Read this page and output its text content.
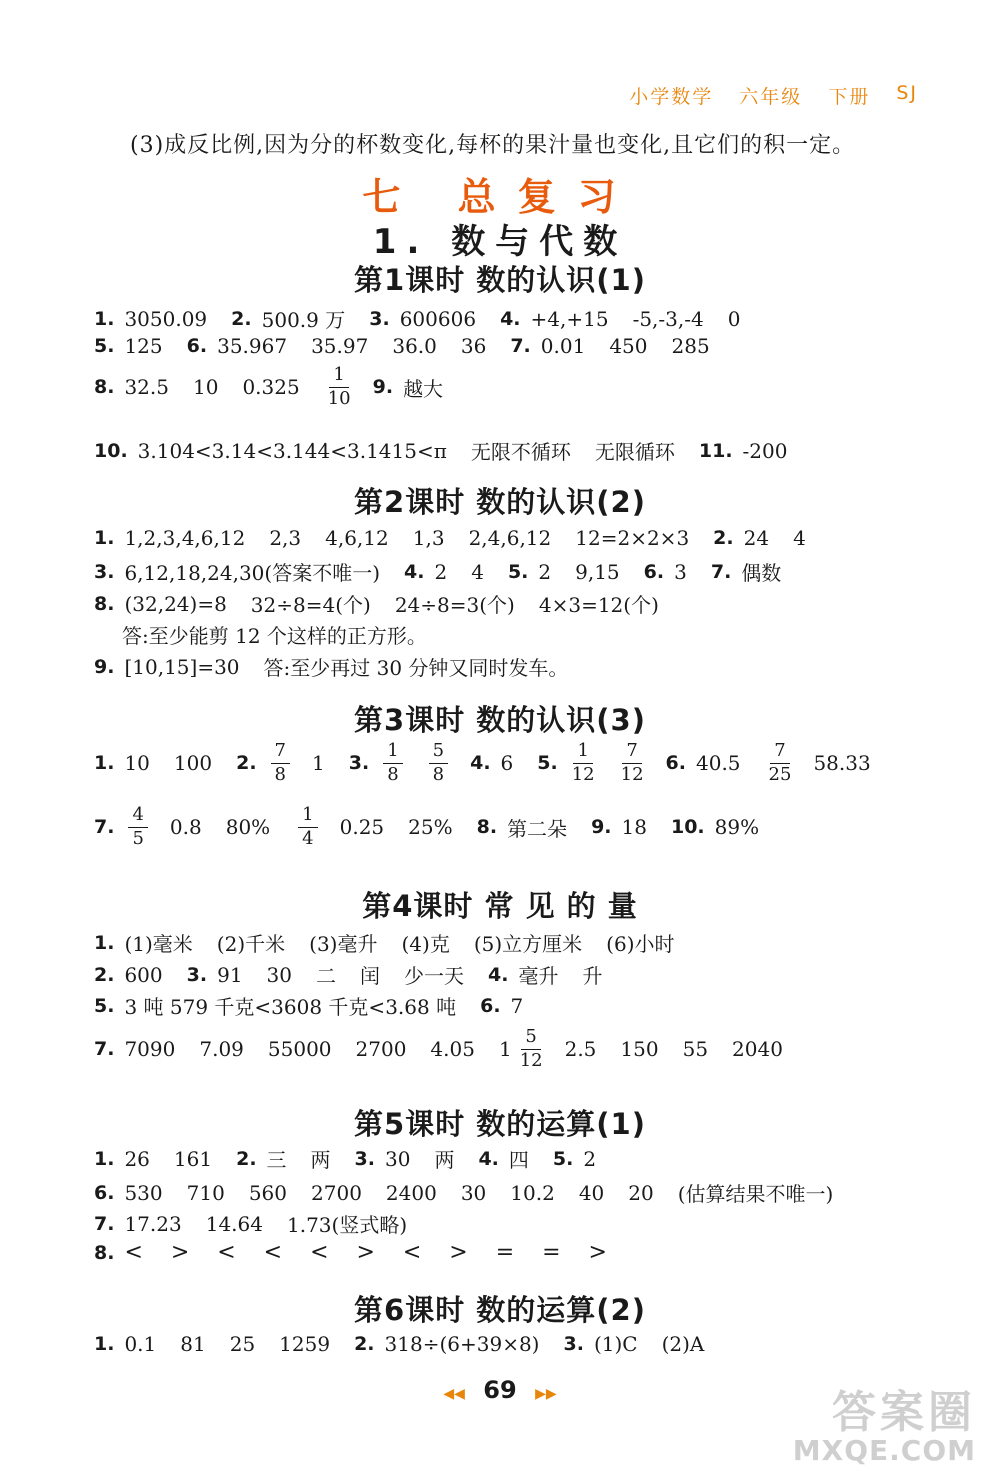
小学数学 六年级 下册 SJ
(3)成反比例,因为分的杯数变化,每杯的果汁量也变化,且它们的积一定。
七 总复习
1. 数与代数
第1课时 数的认识(1)
1. 3050.09 2. 500.9 万 3. 600606 4. +4,+15 -5,-3,-4 0
5. 125 6. 35.967 35.97 36.0 36 7. 0.01 450 285
8. 32.5 10 $0.325 \frac{1}{10} 9$. 越大
10. 3.104<3.14<3.14̇4̇<3.1415<π 无限不循环 无限循环 11. -200
第2课时 数的认识(2)
1. 1,2,3,4,6,12 2,3 4,6,12 1,3 2,4,6,12 12=2×2×3 2. 24 4
3. 6,12,18,24,30(答案不唯一) 4. 2 4 5. 2 9,15 6. 3 7. 偶数
8. (32,24)=8 32÷8=4(个) 24÷8=3(个) 4×3=12(个)
答:至少能剪 12 个这样的正方形。
9. [10,15]=30 答:至少再过 30 分钟又同时发车。
第3课时 数的认识(3)
1. 10 100 2. $\frac{7}{8} 1$ 3. $\frac{1}{8} \frac{5}{8} 4$. 6 5. $\frac{1}{12} \frac{7}{12} 6$. $40.5 \frac{7}{25} 58.33$
7. $\frac{4}{5} 0.8$ $80\% \frac{1}{4} 0.25$ 25% 8. 第二朵 9. 18 10. 89%
第4课时 常 见 的 量
1. (1)毫米 (2)千米 (3)毫升 (4)克 (5)立方厘米 (6)小时
2. 600 3. 91 30 二 闰 少一天 4. 毫升 升
5. 3 吨 579 千克<3608 千克<3.68 吨 6. 7
7. 7090 7.09 55000 2700 4.05 $1 \frac{5}{12} 2.5$ 150 55 2040
第5课时 数的运算(1)
1. 26 161 2. 三 两 3. 30 两 4. 四 5. 2
6. 530 710 560 2700 2400 30 10.2 40 20 (估算结果不唯一)
7. 17.23 14.64 1.73(竖式略)
8. <    >    <    <    <    >    <    >    =    =    >
第6课时 数的运算(2)
1. 0.1 81 25 1259 2. 318÷(6+39×8) 3. (1)C (2)A
◀◀ 69 ▶▶	答案圈
MXQE.COM
